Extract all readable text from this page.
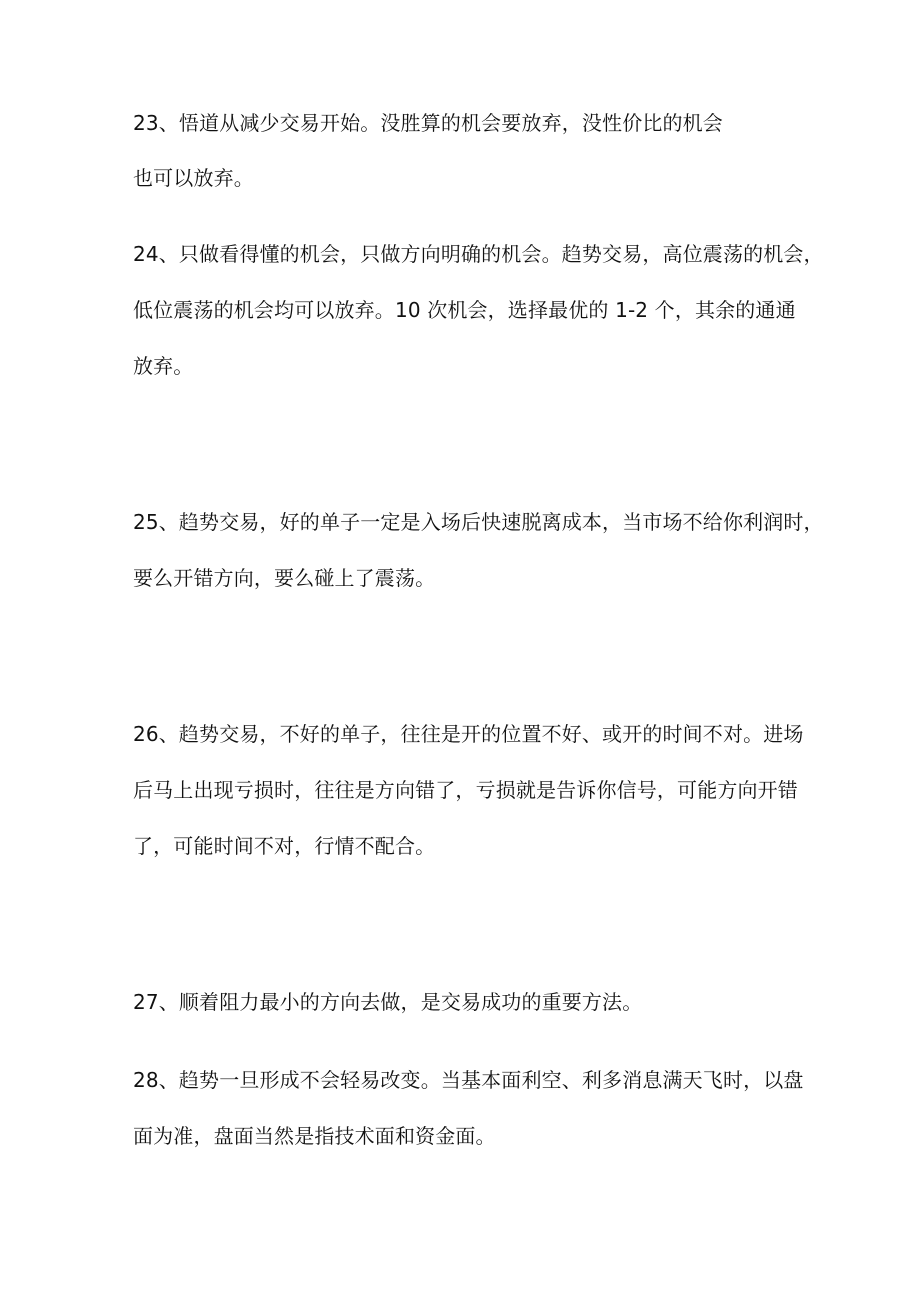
23、悟道从减少交易开始。没胜算的机会要放弃，没性价比的机会
也可以放弃。
24、只做看得懂的机会，只做方向明确的机会。趋势交易，高位震荡的机会，
低位震荡的机会均可以放弃。10 次机会，选择最优的 1-2 个，其余的通通
放弃。
25、趋势交易，好的单子一定是入场后快速脱离成本，当市场不给你利润时，
要么开错方向，要么碰上了震荡。
26、趋势交易，不好的单子，往往是开的位置不好、或开的时间不对。进场
后马上出现亏损时，往往是方向错了，亏损就是告诉你信号，可能方向开错
了，可能时间不对，行情不配合。
27、顺着阻力最小的方向去做，是交易成功的重要方法。
28、趋势一旦形成不会轻易改变。当基本面利空、利多消息满天飞时，以盘
面为准，盘面当然是指技术面和资金面。
